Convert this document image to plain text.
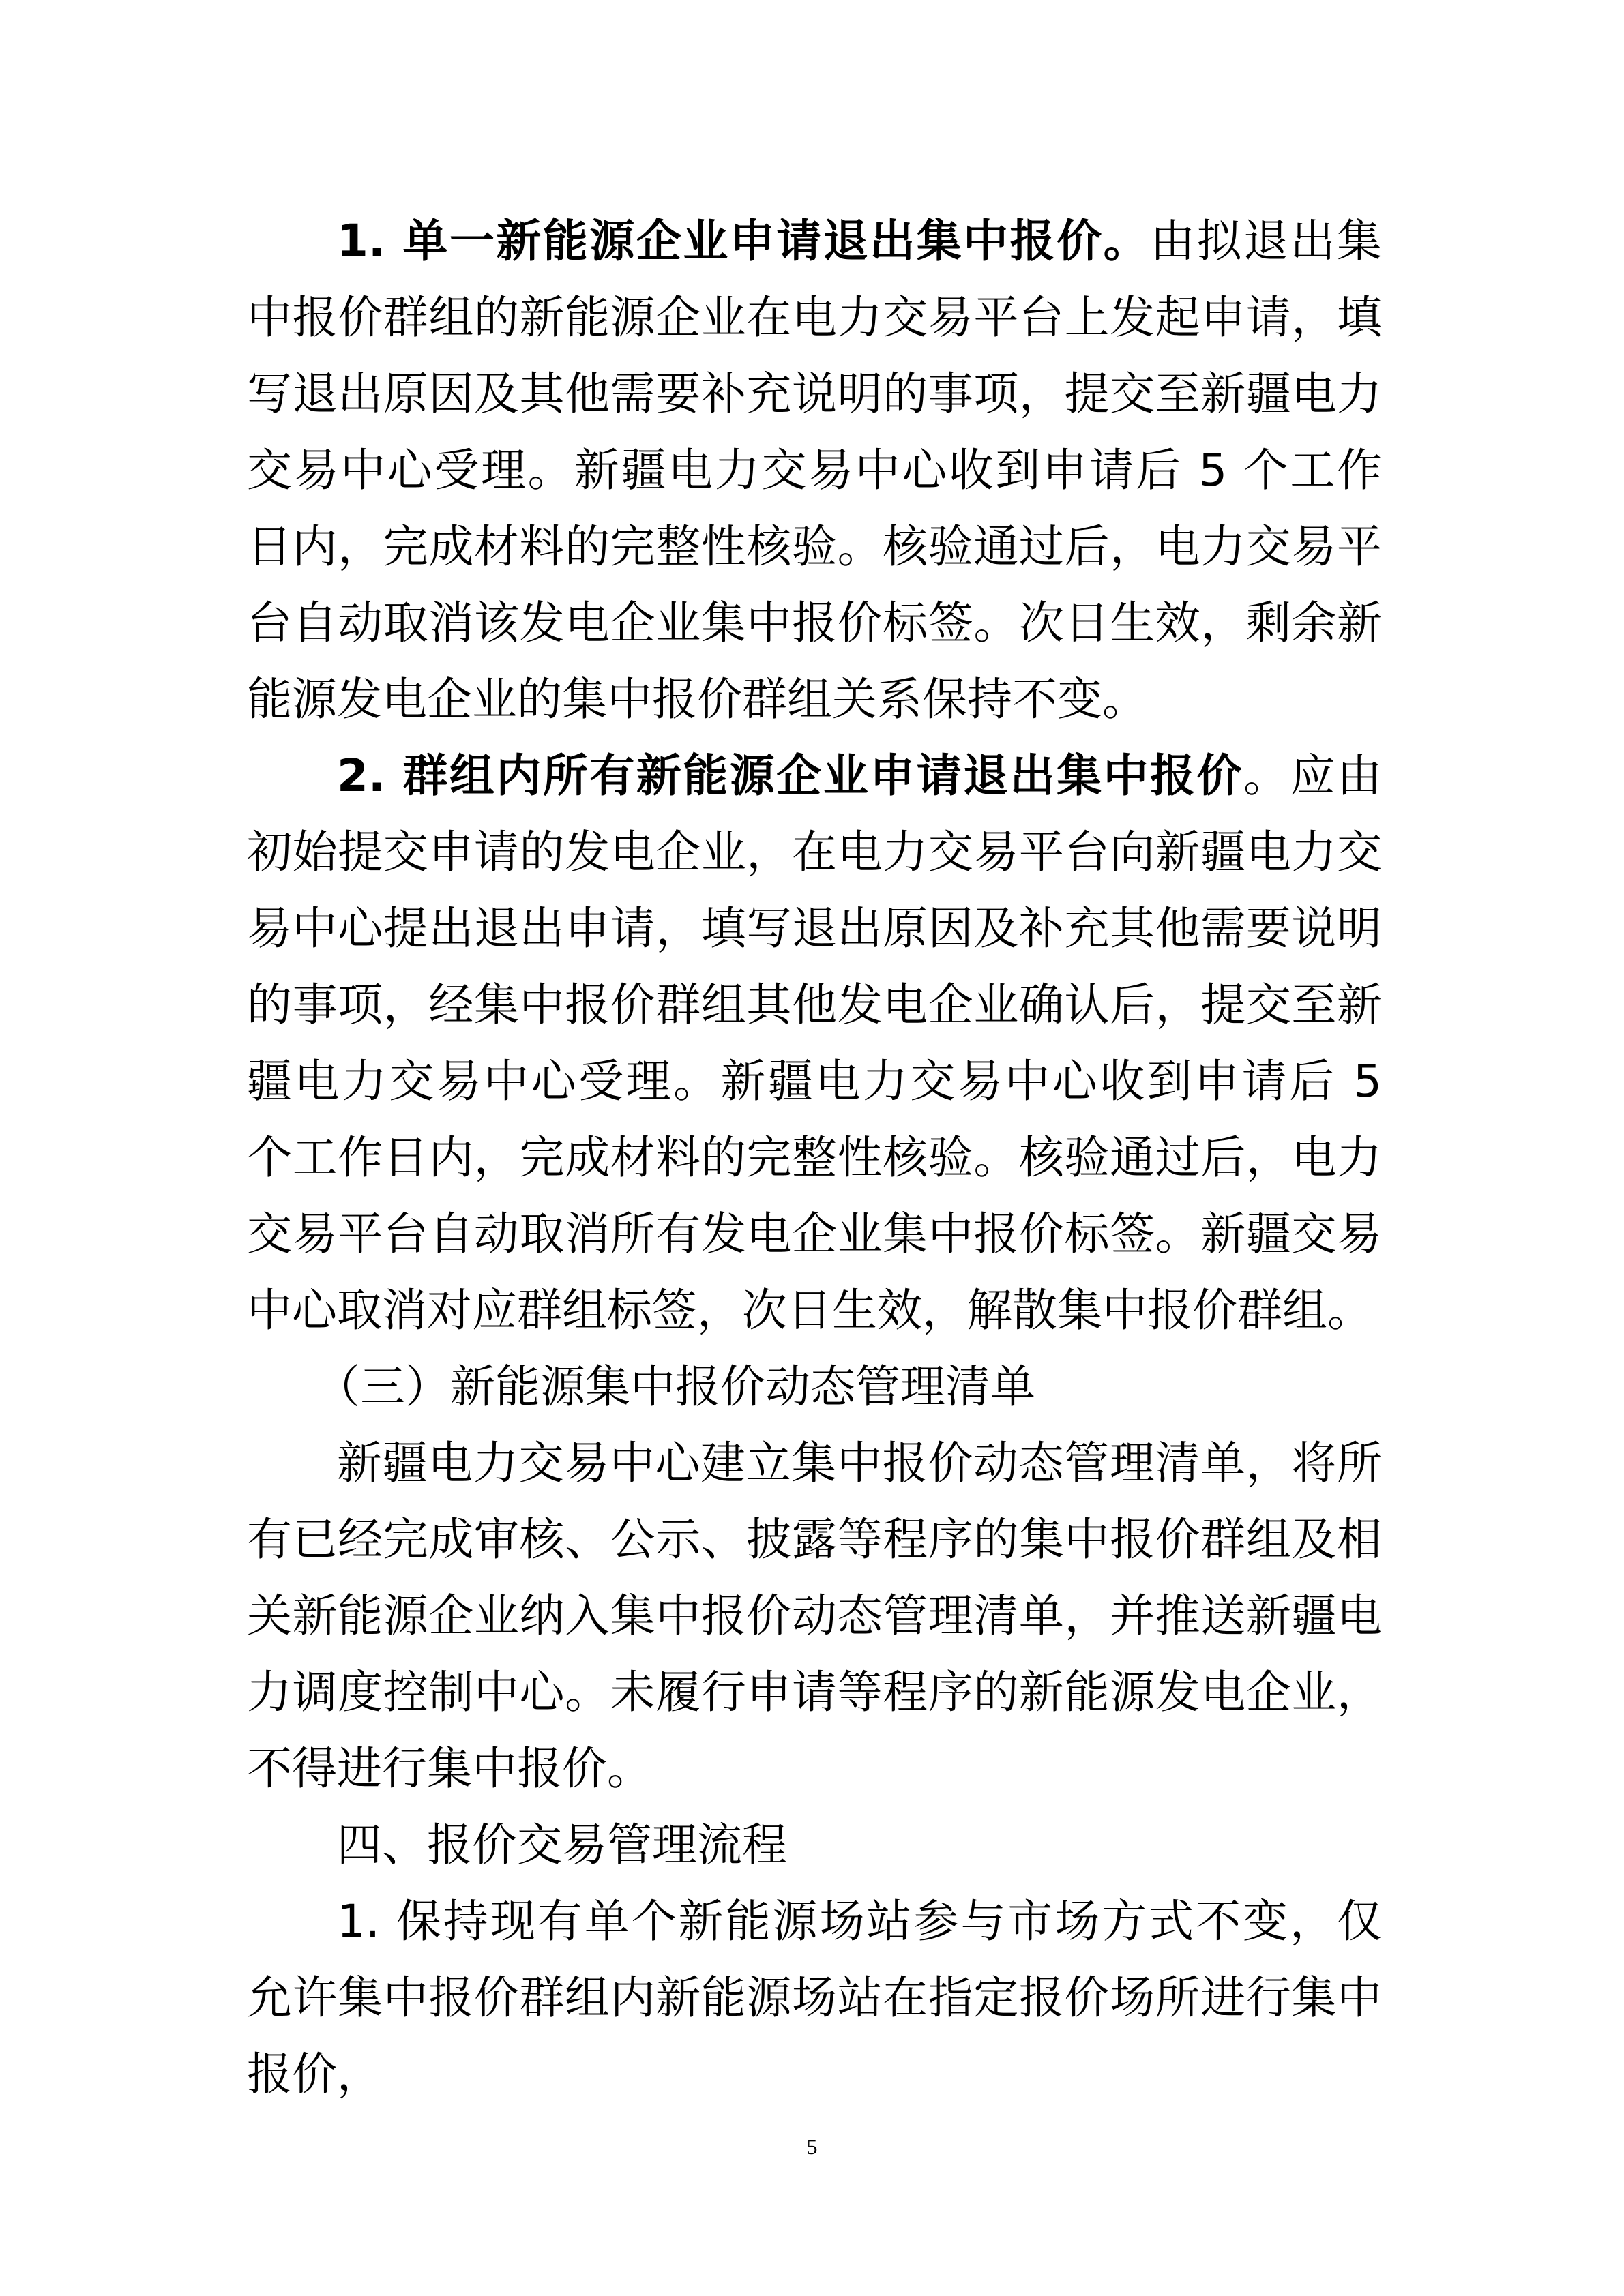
1. 单一新能源企业申请退出集中报价。由拟退出集中报价群组的新能源企业在电力交易平台上发起申请，填写退出原因及其他需要补充说明的事项，提交至新疆电力交易中心受理。新疆电力交易中心收到申请后 5 个工作日内，完成材料的完整性核验。核验通过后，电力交易平台自动取消该发电企业集中报价标签。次日生效，剩余新能源发电企业的集中报价群组关系保持不变。

2. 群组内所有新能源企业申请退出集中报价。应由初始提交申请的发电企业，在电力交易平台向新疆电力交易中心提出退出申请，填写退出原因及补充其他需要说明的事项，经集中报价群组其他发电企业确认后，提交至新疆电力交易中心受理。新疆电力交易中心收到申请后 5 个工作日内，完成材料的完整性核验。核验通过后，电力交易平台自动取消所有发电企业集中报价标签。新疆交易中心取消对应群组标签，次日生效，解散集中报价群组。

（三）新能源集中报价动态管理清单

新疆电力交易中心建立集中报价动态管理清单，将所有已经完成审核、公示、披露等程序的集中报价群组及相关新能源企业纳入集中报价动态管理清单，并推送新疆电力调度控制中心。未履行申请等程序的新能源发电企业，不得进行集中报价。

四、报价交易管理流程

1. 保持现有单个新能源场站参与市场方式不变，仅允许集中报价群组内新能源场站在指定报价场所进行集中报价，

5
